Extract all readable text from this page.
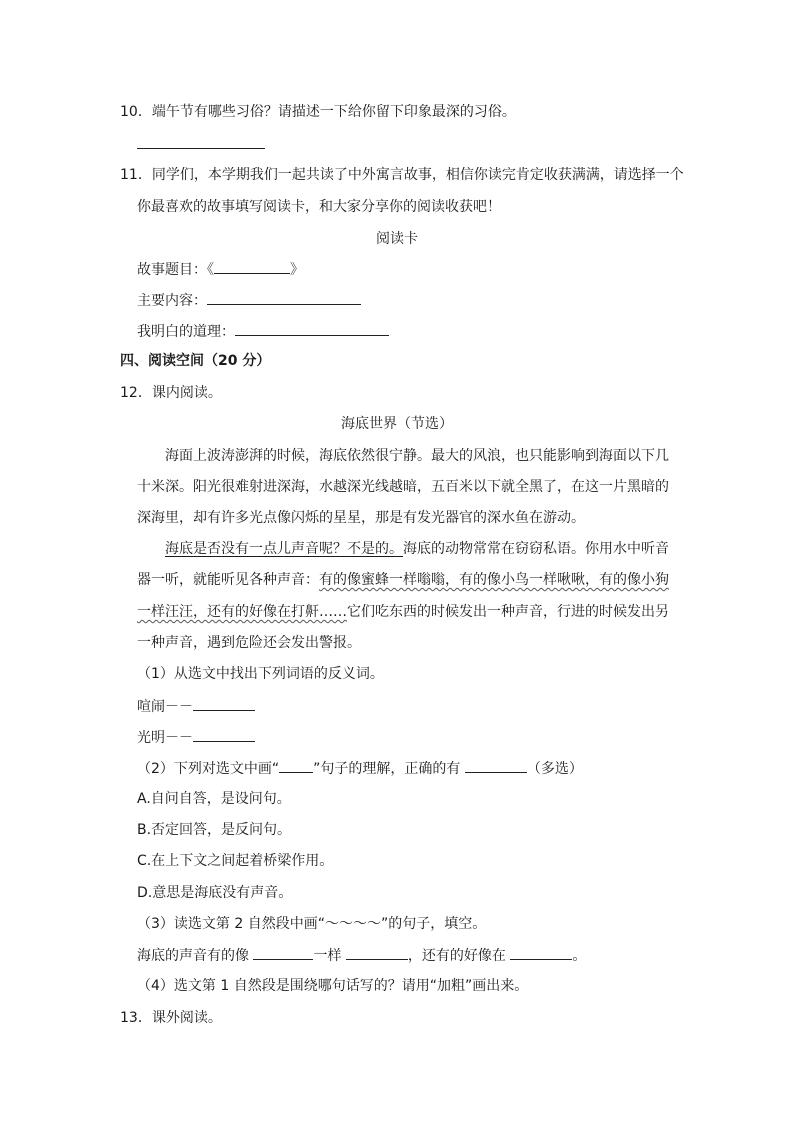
10．端午节有哪些习俗？请描述一下给你留下印象最深的习俗。
11．同学们，本学期我们一起共读了中外寓言故事，相信你读完肯定收获满满，请选择一个
你最喜欢的故事填写阅读卡，和大家分享你的阅读收获吧！
阅读卡
故事题目：《	》
主要内容：
我明白的道理：
四、阅读空间（20 分）
12．课内阅读。
海底世界（节选）
海面上波涛澎湃的时候，海底依然很宁静。最大的风浪，也只能影响到海面以下几
十米深。阳光很难射进深海，水越深光线越暗，五百米以下就全黑了，在这一片黑暗的
深海里，却有许多光点像闪烁的星星，那是有发光器官的深水鱼在游动。
海底是否没有一点儿声音呢？不是的。海底的动物常常在窃窃私语。你用水中听音
器一听，就能听见各种声音：有的像蜜蜂一样嗡嗡，有的像小鸟一样啾啾，有的像小狗
一样汪汪，还有的好像在打鼾……它们吃东西的时候发出一种声音，行进的时候发出另
一种声音，遇到危险还会发出警报。
（1）从选文中找出下列词语的反义词。
喧闹－－
光明－－
（2）下列对选文中画“ ”句子的理解，正确的有	（多选）
A.自问自答，是设问句。
B.否定回答，是反问句。
C.在上下文之间起着桥梁作用。
D.意思是海底没有声音。
（3）读选文第 2 自然段中画“～～～～”的句子，填空。
海底的声音有的像	一样	，还有的好像在	。
（4）选文第 1 自然段是围绕哪句话写的？请用“加粗”画出来。
13．课外阅读。
